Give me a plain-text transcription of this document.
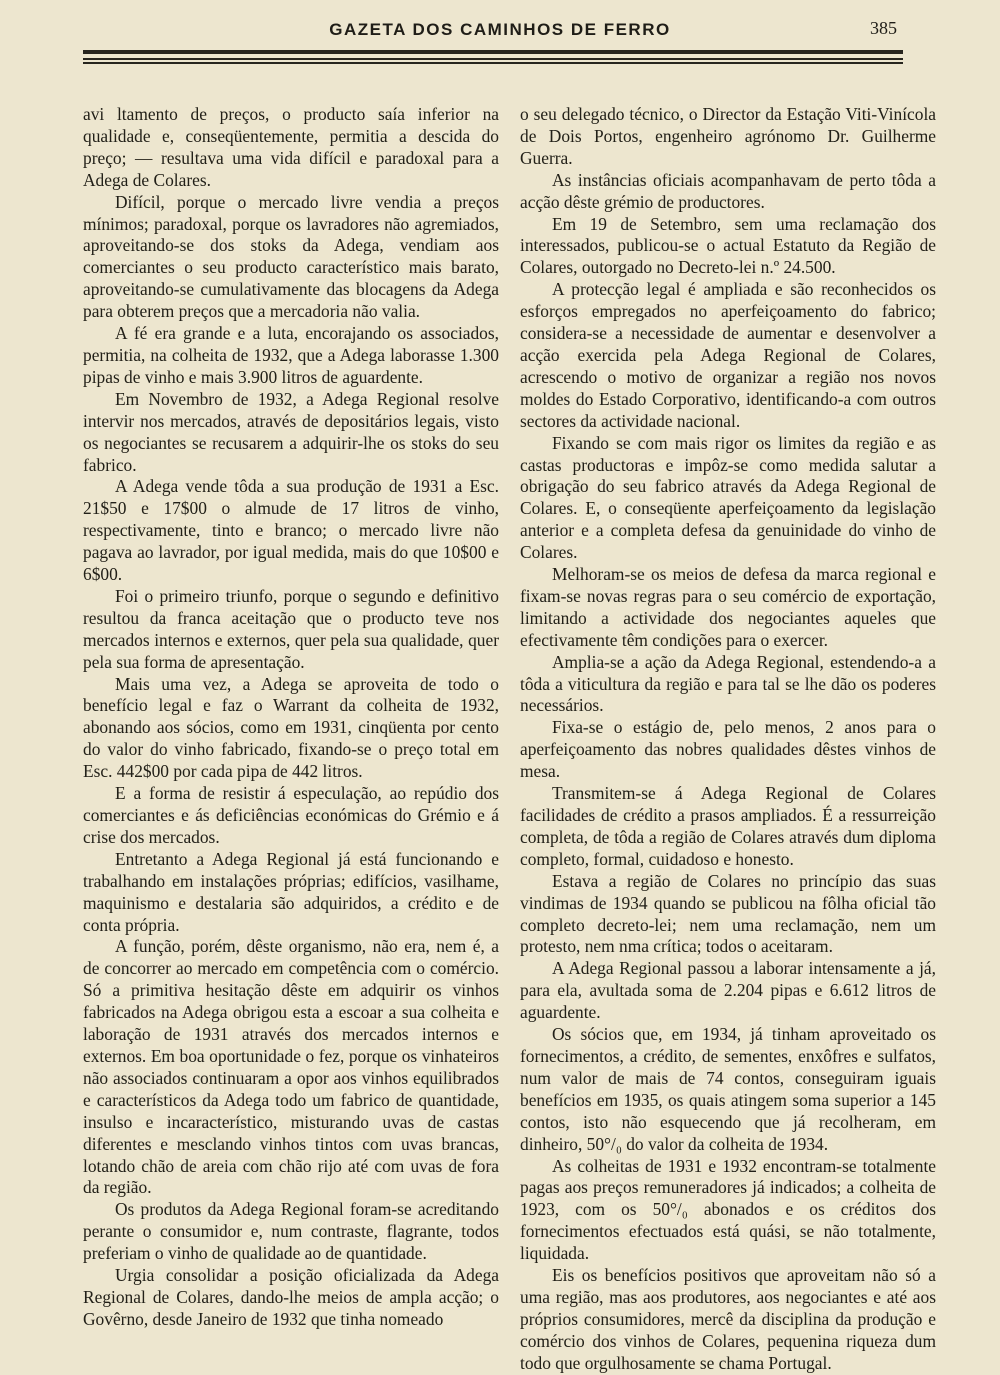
GAZETA DOS CAMINHOS DE FERRO	385

avi ltamento de preços, o producto saía inferior na qualidade e, conseqüentemente, permitia a descida do preço; — resultava uma vida difícil e paradoxal para a Adega de Colares.

Difícil, porque o mercado livre vendia a preços mínimos; paradoxal, porque os lavradores não agremiados, aproveitando-se dos stoks da Adega, vendiam aos comerciantes o seu producto característico mais barato, aproveitando-se cumulativamente das blocagens da Adega para obterem preços que a mercadoria não valia.

A fé era grande e a luta, encorajando os associados, permitia, na colheita de 1932, que a Adega laborasse 1.300 pipas de vinho e mais 3.900 litros de aguardente.

Em Novembro de 1932, a Adega Regional resolve intervir nos mercados, através de depositários legais, visto os negociantes se recusarem a adquirir-lhe os stoks do seu fabrico.

A Adega vende tôda a sua produção de 1931 a Esc. 21$50 e 17$00 o almude de 17 litros de vinho, respectivamente, tinto e branco; o mercado livre não pagava ao lavrador, por igual medida, mais do que 10$00 e 6$00.

Foi o primeiro triunfo, porque o segundo e definitivo resultou da franca aceitação que o producto teve nos mercados internos e externos, quer pela sua qualidade, quer pela sua forma de apresentação.

Mais uma vez, a Adega se aproveita de todo o benefício legal e faz o Warrant da colheita de 1932, abonando aos sócios, como em 1931, cinqüenta por cento do valor do vinho fabricado, fixando-se o preço total em Esc. 442$00 por cada pipa de 442 litros.

E a forma de resistir á especulação, ao repúdio dos comerciantes e ás deficiências económicas do Grémio e á crise dos mercados.

Entretanto a Adega Regional já está funcionando e trabalhando em instalações próprias; edifícios, vasilhame, maquinismo e destalaria são adquiridos, a crédito e de conta própria.

A função, porém, dêste organismo, não era, nem é, a de concorrer ao mercado em competência com o comércio. Só a primitiva hesitação dêste em adquirir os vinhos fabricados na Adega obrigou esta a escoar a sua colheita e laboração de 1931 através dos mercados internos e externos. Em boa oportunidade o fez, porque os vinhateiros não associados continuaram a opor aos vinhos equilibrados e característicos da Adega todo um fabrico de quantidade, insulso e incaracterístico, misturando uvas de castas diferentes e mesclando vinhos tintos com uvas brancas, lotando chão de areia com chão rijo até com uvas de fora da região.

Os produtos da Adega Regional foram-se acreditando perante o consumidor e, num contraste, flagrante, todos preferiam o vinho de qualidade ao de quantidade.

Urgia consolidar a posição oficializada da Adega Regional de Colares, dando-lhe meios de ampla acção; o Govêrno, desde Janeiro de 1932 que tinha nomeado

o seu delegado técnico, o Director da Estação Viti-Vinícola de Dois Portos, engenheiro agrónomo Dr. Guilherme Guerra.

As instâncias oficiais acompanhavam de perto tôda a acção dêste grémio de productores.

Em 19 de Setembro, sem uma reclamação dos interessados, publicou-se o actual Estatuto da Região de Colares, outorgado no Decreto-lei n.º 24.500.

A protecção legal é ampliada e são reconhecidos os esforços empregados no aperfeiçoamento do fabrico; considera-se a necessidade de aumentar e desenvolver a acção exercida pela Adega Regional de Colares, acrescendo o motivo de organizar a região nos novos moldes do Estado Corporativo, identificando-a com outros sectores da actividade nacional.

Fixando se com mais rigor os limites da região e as castas productoras e impôz-se como medida salutar a obrigação do seu fabrico através da Adega Regional de Colares. E, o conseqüente aperfeiçoamento da legislação anterior e a completa defesa da genuinidade do vinho de Colares.

Melhoram-se os meios de defesa da marca regional e fixam-se novas regras para o seu comércio de exportação, limitando a actividade dos negociantes aqueles que efectivamente têm condições para o exercer.

Amplia-se a ação da Adega Regional, estendendo-a a tôda a viticultura da região e para tal se lhe dão os poderes necessários.

Fixa-se o estágio de, pelo menos, 2 anos para o aperfeiçoamento das nobres qualidades dêstes vinhos de mesa.

Transmitem-se á Adega Regional de Colares facilidades de crédito a prasos ampliados. É a ressurreição completa, de tôda a região de Colares através dum diploma completo, formal, cuidadoso e honesto.

Estava a região de Colares no princípio das suas vindimas de 1934 quando se publicou na fôlha oficial tão completo decreto-lei; nem uma reclamação, nem um protesto, nem nma crítica; todos o aceitaram.

A Adega Regional passou a laborar intensamente a já, para ela, avultada soma de 2.204 pipas e 6.612 litros de aguardente.

Os sócios que, em 1934, já tinham aproveitado os fornecimentos, a crédito, de sementes, enxôfres e sulfatos, num valor de mais de 74 contos, conseguiram iguais benefícios em 1935, os quais atingem soma superior a 145 contos, isto não esquecendo que já recolheram, em dinheiro, 50°/₀ do valor da colheita de 1934.

As colheitas de 1931 e 1932 encontram-se totalmente pagas aos preços remuneradores já indicados; a colheita de 1923, com os 50°/₀ abonados e os créditos dos fornecimentos efectuados está quási, se não totalmente, liquidada.

Eis os benefícios positivos que aproveitam não só a uma região, mas aos produtores, aos negociantes e até aos próprios consumidores, mercê da disciplina da produção e comércio dos vinhos de Colares, pequenina riqueza dum todo que orgulhosamente se chama Portugal.
